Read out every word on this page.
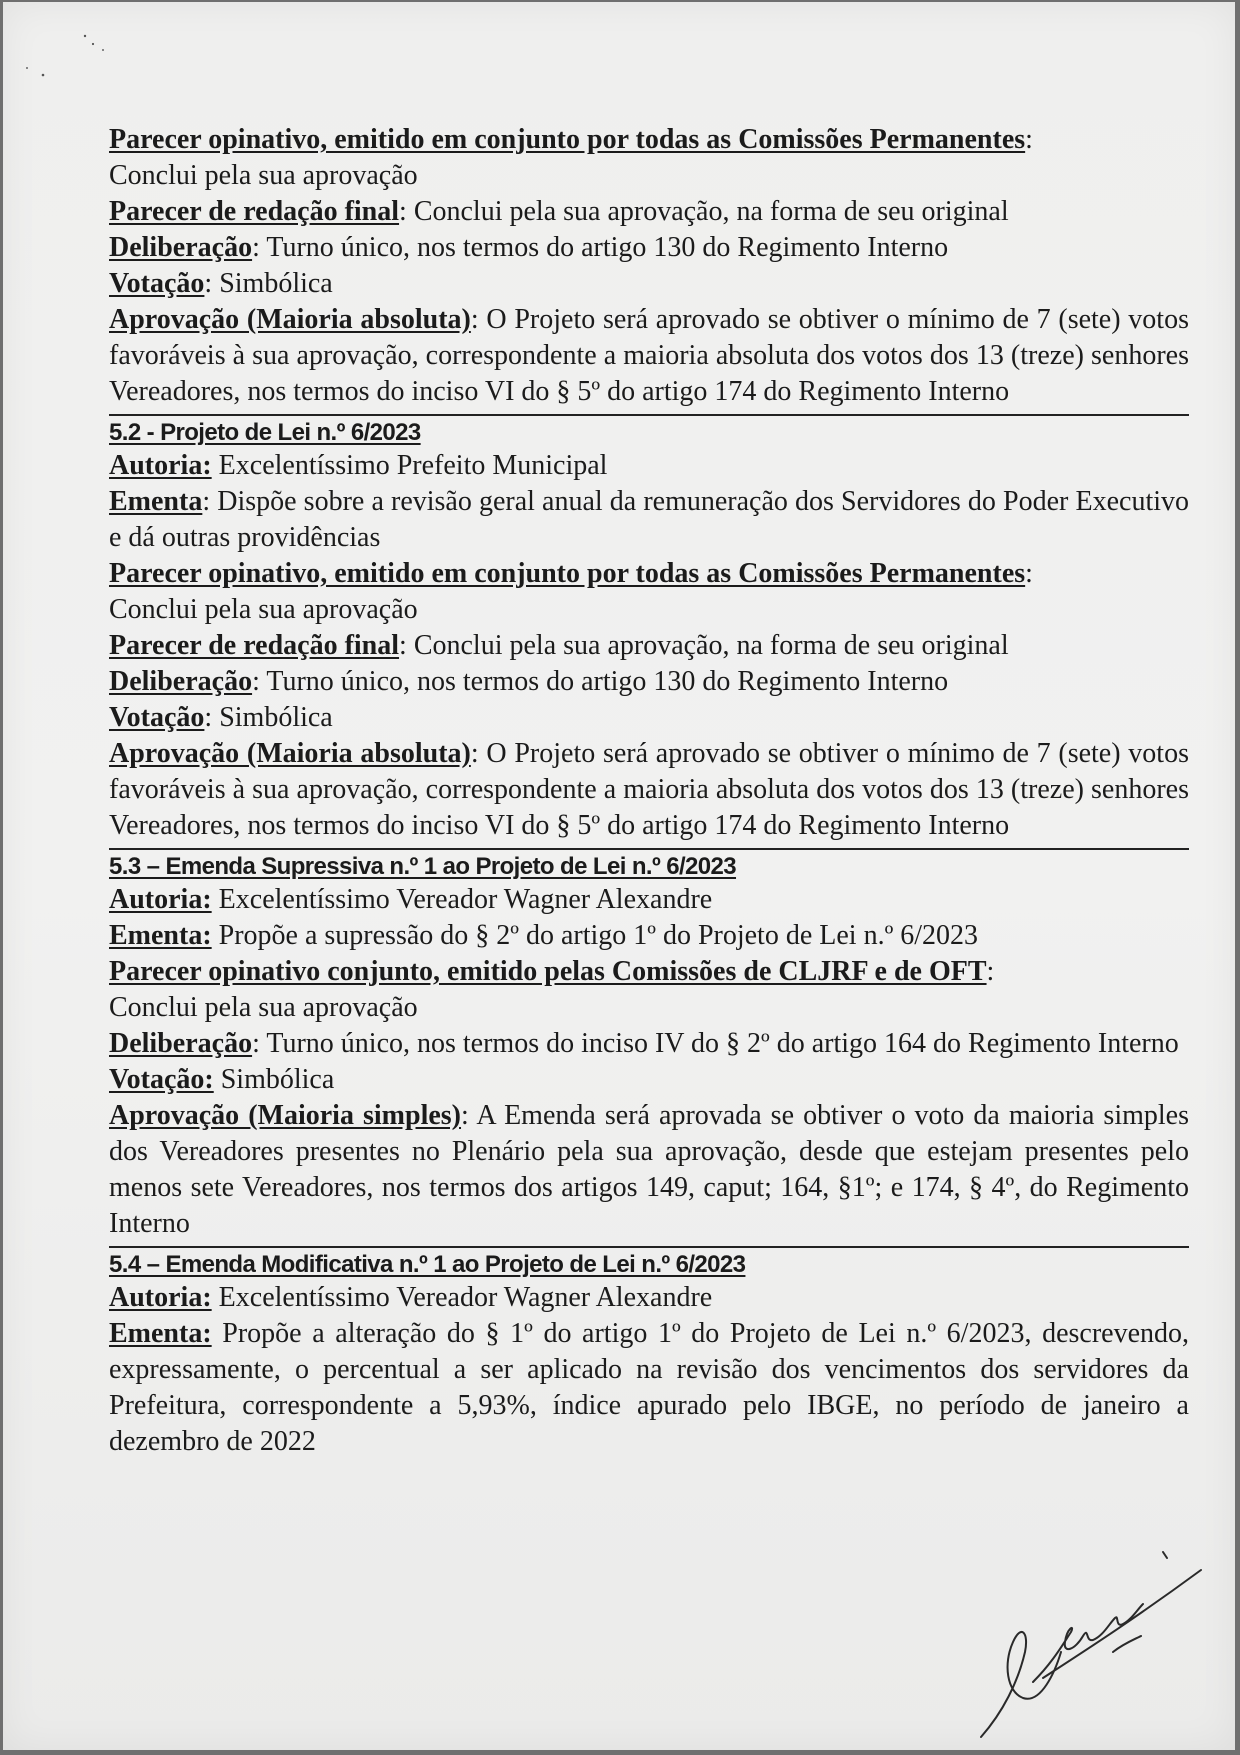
Parecer opinativo, emitido em conjunto por todas as Comissões Permanentes:
Conclui pela sua aprovação

Parecer de redação final: Conclui pela sua aprovação, na forma de seu original

Deliberação: Turno único, nos termos do artigo 130 do Regimento Interno

Votação: Simbólica

Aprovação (Maioria absoluta): O Projeto será aprovado se obtiver o mínimo de 7 (sete) votos favoráveis à sua aprovação, correspondente a maioria absoluta dos votos dos 13 (treze) senhores Vereadores, nos termos do inciso VI do § 5º do artigo 174 do Regimento Interno

5.2 - Projeto de Lei n.º 6/2023

Autoria: Excelentíssimo Prefeito Municipal

Ementa: Dispõe sobre a revisão geral anual da remuneração dos Servidores do Poder Executivo e dá outras providências

Parecer opinativo, emitido em conjunto por todas as Comissões Permanentes:
Conclui pela sua aprovação

Parecer de redação final: Conclui pela sua aprovação, na forma de seu original

Deliberação: Turno único, nos termos do artigo 130 do Regimento Interno

Votação: Simbólica

Aprovação (Maioria absoluta): O Projeto será aprovado se obtiver o mínimo de 7 (sete) votos favoráveis à sua aprovação, correspondente a maioria absoluta dos votos dos 13 (treze) senhores Vereadores, nos termos do inciso VI do § 5º do artigo 174 do Regimento Interno

5.3 – Emenda Supressiva n.º 1 ao Projeto de Lei n.º 6/2023

Autoria: Excelentíssimo Vereador Wagner Alexandre

Ementa: Propõe a supressão do § 2º do artigo 1º do Projeto de Lei n.º 6/2023

Parecer opinativo conjunto, emitido pelas Comissões de CLJRF e de OFT:
Conclui pela sua aprovação

Deliberação: Turno único, nos termos do inciso IV do § 2º do artigo 164 do Regimento Interno

Votação: Simbólica

Aprovação (Maioria simples): A Emenda será aprovada se obtiver o voto da maioria simples dos Vereadores presentes no Plenário pela sua aprovação, desde que estejam presentes pelo menos sete Vereadores, nos termos dos artigos 149, caput; 164, §1º; e 174, § 4º, do Regimento Interno

5.4 – Emenda Modificativa n.º 1 ao Projeto de Lei n.º 6/2023

Autoria: Excelentíssimo Vereador Wagner Alexandre

Ementa: Propõe a alteração do § 1º do artigo 1º do Projeto de Lei n.º 6/2023, descrevendo, expressamente, o percentual a ser aplicado na revisão dos vencimentos dos servidores da Prefeitura, correspondente a 5,93%, índice apurado pelo IBGE, no período de janeiro a dezembro de 2022
